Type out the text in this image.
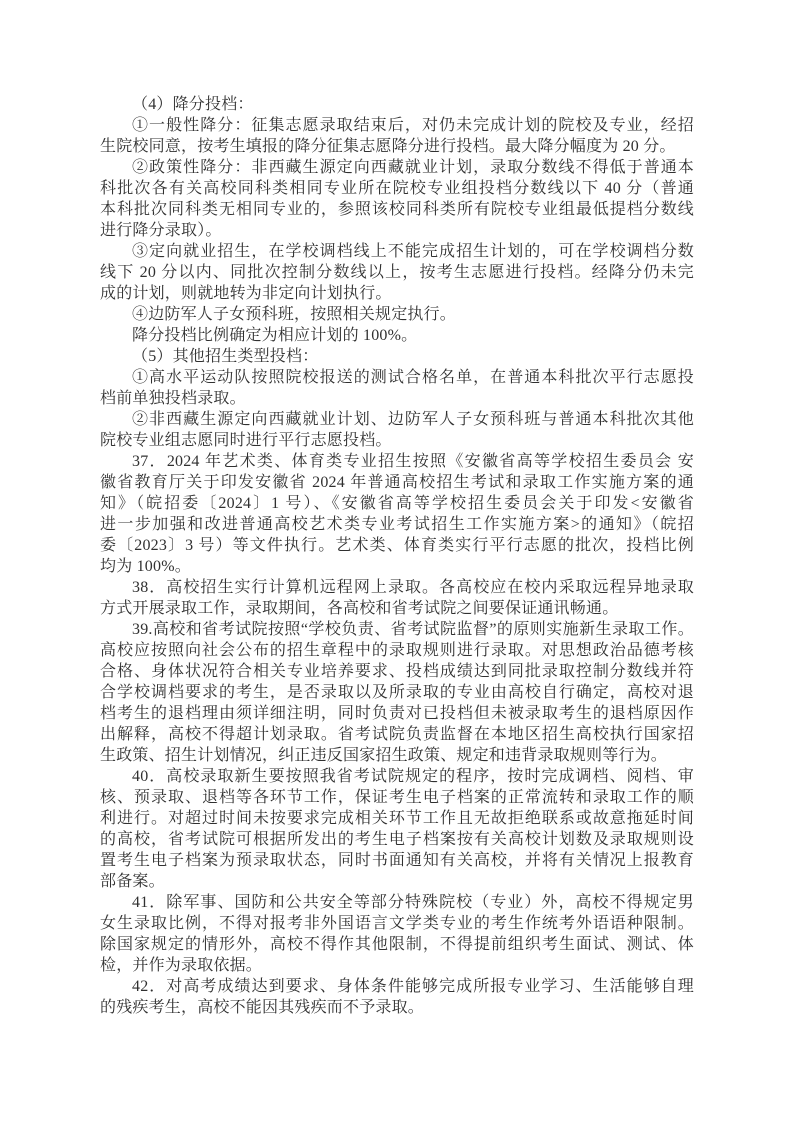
（4）降分投档：
①一般性降分：征集志愿录取结束后，对仍未完成计划的院校及专业，经招
生院校同意，按考生填报的降分征集志愿降分进行投档。最大降分幅度为 20 分。
②政策性降分：非西藏生源定向西藏就业计划，录取分数线不得低于普通本
科批次各有关高校同科类相同专业所在院校专业组投档分数线以下 40 分（普通
本科批次同科类无相同专业的，参照该校同科类所有院校专业组最低提档分数线
进行降分录取）。
③定向就业招生，在学校调档线上不能完成招生计划的，可在学校调档分数
线下 20 分以内、同批次控制分数线以上，按考生志愿进行投档。经降分仍未完
成的计划，则就地转为非定向计划执行。
④边防军人子女预科班，按照相关规定执行。
降分投档比例确定为相应计划的 100%。
（5）其他招生类型投档：
①高水平运动队按照院校报送的测试合格名单，在普通本科批次平行志愿投
档前单独投档录取。
②非西藏生源定向西藏就业计划、边防军人子女预科班与普通本科批次其他
院校专业组志愿同时进行平行志愿投档。
37．2024 年艺术类、体育类专业招生按照《安徽省高等学校招生委员会 安
徽省教育厅关于印发安徽省 2024 年普通高校招生考试和录取工作实施方案的通
知》（皖招委〔2024〕1 号）、《安徽省高等学校招生委员会关于印发<安徽省
进一步加强和改进普通高校艺术类专业考试招生工作实施方案>的通知》（皖招
委〔2023〕3 号）等文件执行。艺术类、体育类实行平行志愿的批次，投档比例
均为 100%。
38．高校招生实行计算机远程网上录取。各高校应在校内采取远程异地录取
方式开展录取工作，录取期间，各高校和省考试院之间要保证通讯畅通。
39.高校和省考试院按照“学校负责、省考试院监督”的原则实施新生录取工作。
高校应按照向社会公布的招生章程中的录取规则进行录取。对思想政治品德考核
合格、身体状况符合相关专业培养要求、投档成绩达到同批录取控制分数线并符
合学校调档要求的考生，是否录取以及所录取的专业由高校自行确定，高校对退
档考生的退档理由须详细注明，同时负责对已投档但未被录取考生的退档原因作
出解释，高校不得超计划录取。省考试院负责监督在本地区招生高校执行国家招
生政策、招生计划情况，纠正违反国家招生政策、规定和违背录取规则等行为。
40．高校录取新生要按照我省考试院规定的程序，按时完成调档、阅档、审
核、预录取、退档等各环节工作，保证考生电子档案的正常流转和录取工作的顺
利进行。对超过时间未按要求完成相关环节工作且无故拒绝联系或故意拖延时间
的高校，省考试院可根据所发出的考生电子档案按有关高校计划数及录取规则设
置考生电子档案为预录取状态，同时书面通知有关高校，并将有关情况上报教育
部备案。
41．除军事、国防和公共安全等部分特殊院校（专业）外，高校不得规定男
女生录取比例，不得对报考非外国语言文学类专业的考生作统考外语语种限制。
除国家规定的情形外，高校不得作其他限制，不得提前组织考生面试、测试、体
检，并作为录取依据。
42．对高考成绩达到要求、身体条件能够完成所报专业学习、生活能够自理
的残疾考生，高校不能因其残疾而不予录取。
